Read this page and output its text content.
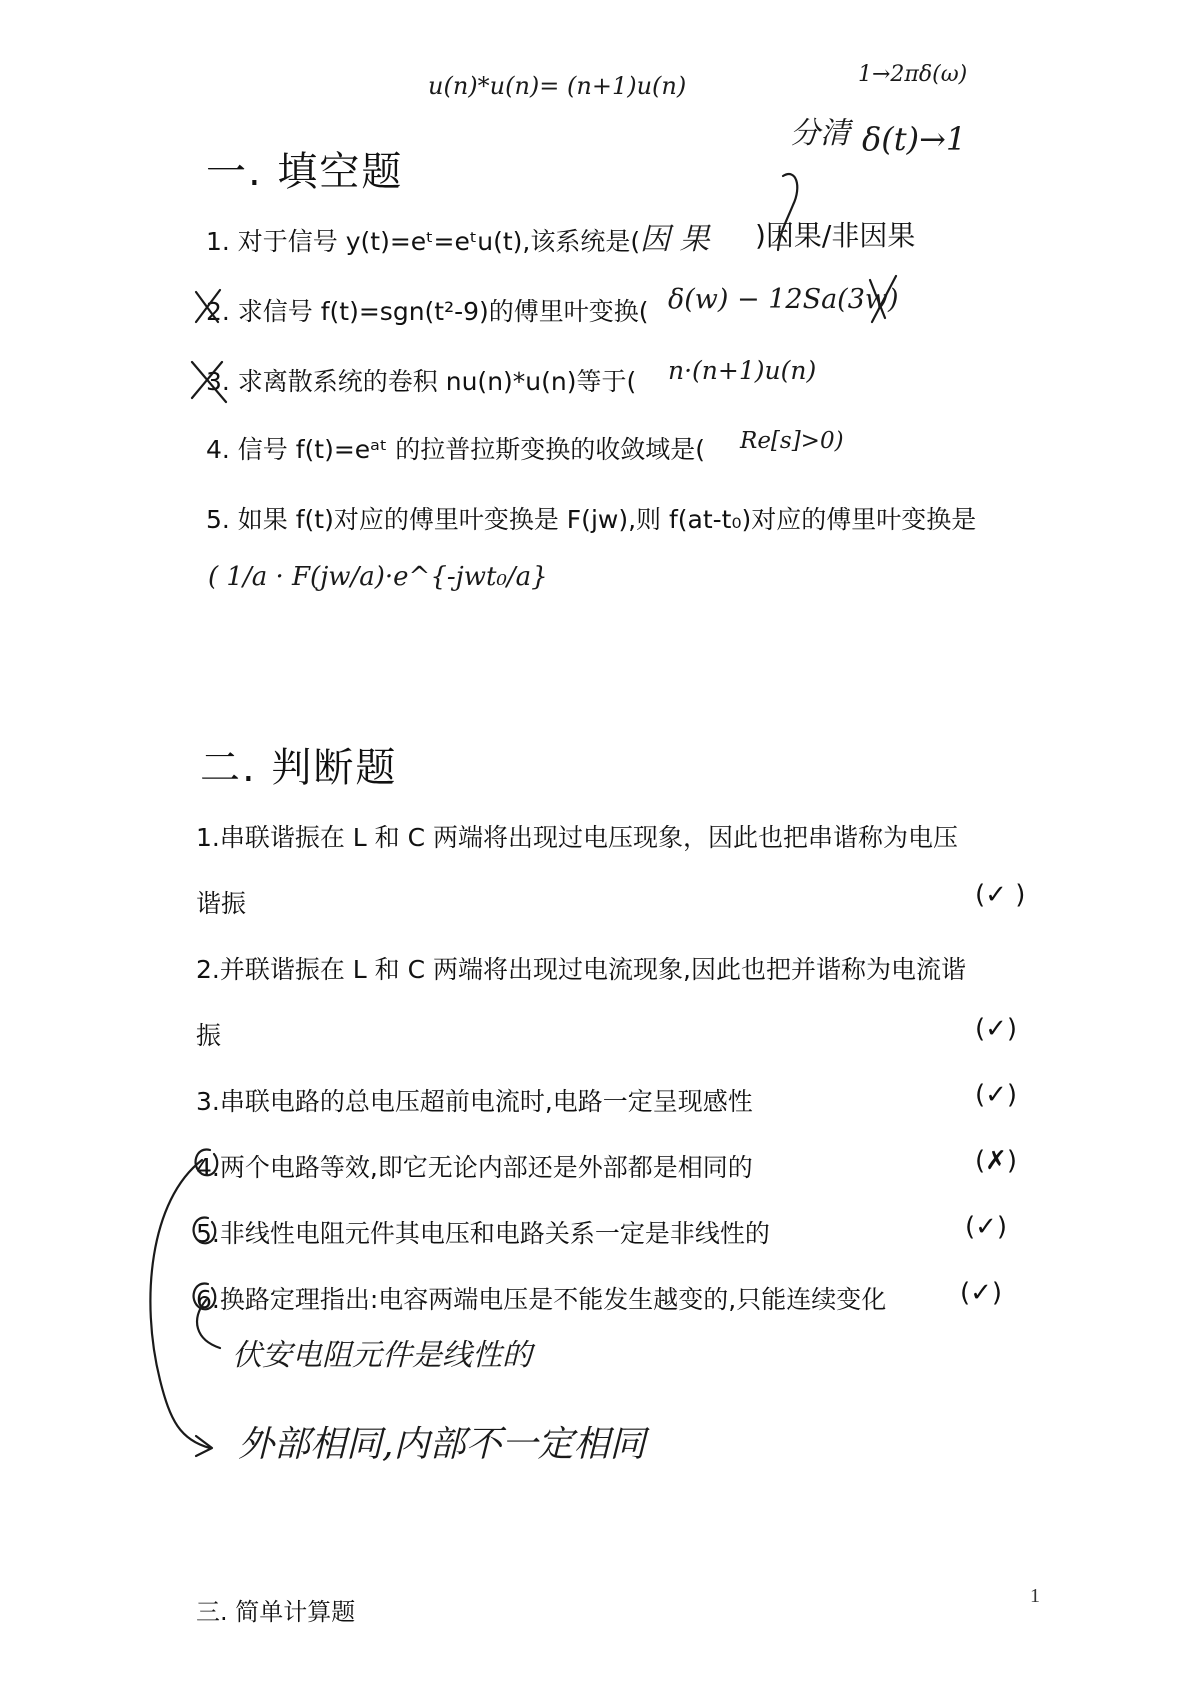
u(n)*u(n)= (n+1)u(n)	1→2πδ(ω)
分清 δ(t)→1
一. 填空题
1. 对于信号 y(t)=eᵗ=eᵗu(t),该系统是( 因 果 )因果/非因果
2. 求信号 f(t)=sgn(t²-9)的傅里叶变换( δ(w) − 12Sa(3w)
3. 求离散系统的卷积 nu(n)*u(n)等于( n·(n+1)u(n)
4. 信号 f(t)=eᵃᵗ 的拉普拉斯变换的收敛域是( Re[s]>0)
5. 如果 f(t)对应的傅里叶变换是 F(jw),则 f(at-t₀)对应的傅里叶变换是
( 1/a · F(jw/a)·e^{-jwt₀/a}
二. 判断题
1.串联谐振在 L 和 C 两端将出现过电压现象，因此也把串谐称为电压
谐振	(✓ )
2.并联谐振在 L 和 C 两端将出现过电流现象,因此也把并谐称为电流谐
振	(✓)
3.串联电路的总电压超前电流时,电路一定呈现感性	(✓)
4.两个电路等效,即它无论内部还是外部都是相同的	(✗)
5.非线性电阻元件其电压和电路关系一定是非线性的	(✓)
6.换路定理指出:电容两端电压是不能发生越变的,只能连续变化	(✓)
伏安电阻元件是线性的
外部相同,内部不一定相同
三. 简单计算题
1
